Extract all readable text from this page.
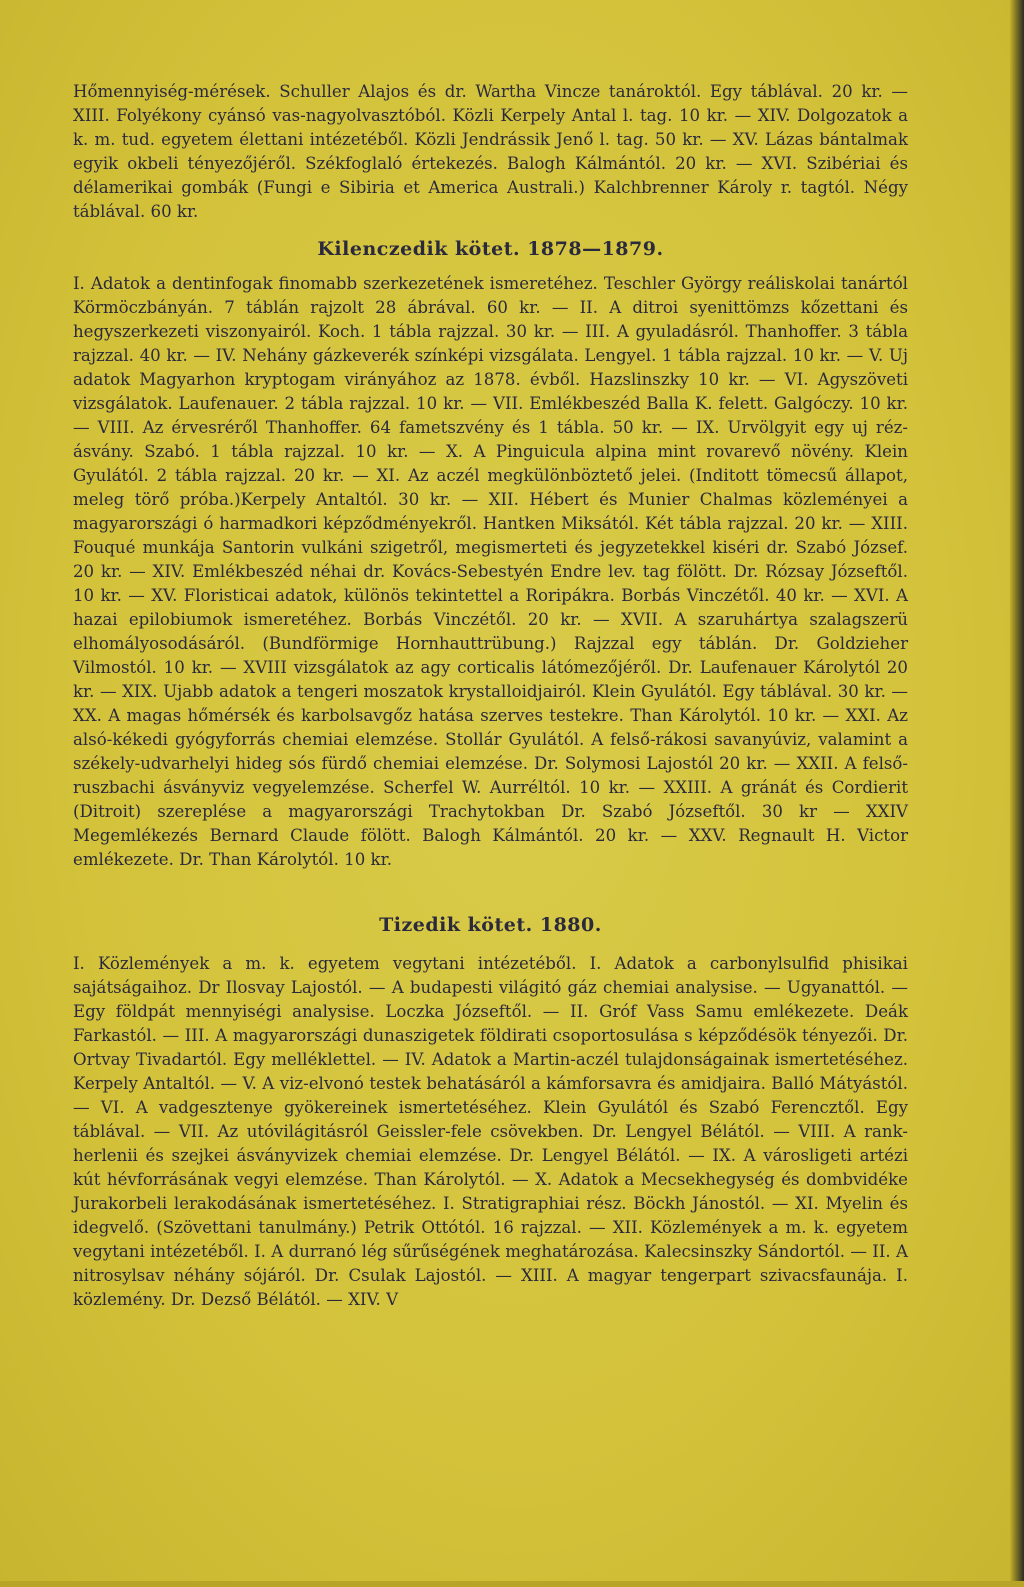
Hőmennyiség-mérések. Schuller Alajos és dr. Wartha Vincze tanároktól. Egy táblával. 20 kr. — XIII. Folyékony cyánsó vas-nagyolvasztóból. Közli Kerpely Antal l. tag. 10 kr. — XIV. Dolgozatok a k. m. tud. egyetem élettani intézetéből. Közli Jendrássik Jenő l. tag. 50 kr. — XV. Lázas bántalmak egyik okbeli tényezőjéről. Székfoglaló értekezés. Balogh Kálmántól. 20 kr. — XVI. Szibériai és délamerikai gombák (Fungi e Sibiria et America Australi.) Kalchbrenner Károly r. tagtól. Négy táblával. 60 kr.

Kilenczedik kötet. 1878—1879.

I. Adatok a dentinfogak finomabb szerkezetének ismeretéhez. Teschler György reáliskolai tanártól Körmöczbányán. 7 táblán rajzolt 28 ábrával. 60 kr. — II. A ditroi syenittömzs kőzettani és hegyszerkezeti viszonyairól. Koch. 1 tábla rajzzal. 30 kr. — III. A gyuladásról. Thanhoffer. 3 tábla rajzzal. 40 kr. — IV. Nehány gázkeverék színképi vizsgálata. Lengyel. 1 tábla rajzzal. 10 kr. — V. Uj adatok Magyarhon kryptogam virányához az 1878. évből. Hazslinszky 10 kr. — VI. Agyszöveti vizsgálatok. Laufenauer. 2 tábla rajzzal. 10 kr. — VII. Emlékbeszéd Balla K. felett. Galgóczy. 10 kr. — VIII. Az érvesréről Thanhoffer. 64 fametszvény és 1 tábla. 50 kr. — IX. Urvölgyit egy uj réz-ásvány. Szabó. 1 tábla rajzzal. 10 kr. — X. A Pinguicula alpina mint rovarevő növény. Klein Gyulától. 2 tábla rajzzal. 20 kr. — XI. Az aczél megkülönböztető jelei. (Inditott tömecsű állapot, meleg törő próba.)Kerpely Antaltól. 30 kr. — XII. Hébert és Munier Chalmas közleményei a magyarországi ó harmadkori képződményekről. Hantken Miksától. Két tábla rajzzal. 20 kr. — XIII. Fouqué munkája Santorin vulkáni szigetről, megismerteti és jegyzetekkel kiséri dr. Szabó József. 20 kr. — XIV. Emlékbeszéd néhai dr. Kovács-Sebestyén Endre lev. tag fölött. Dr. Rózsay Józseftől. 10 kr. — XV. Floristicai adatok, különös tekintettel a Roripákra. Borbás Vinczétől. 40 kr. — XVI. A hazai epilobiumok ismeretéhez. Borbás Vinczétől. 20 kr. — XVII. A szaruhártya szalagszerü elhomályosodásáról. (Bundförmige Hornhauttrübung.) Rajzzal egy táblán. Dr. Goldzieher Vilmostól. 10 kr. — XVIII vizsgálatok az agy corticalis látómezőjéről. Dr. Laufenauer Károlytól 20 kr. — XIX. Ujabb adatok a tengeri moszatok krystalloidjairól. Klein Gyulától. Egy táblával. 30 kr. — XX. A magas hőmérsék és karbolsavgőz hatása szerves testekre. Than Károlytól. 10 kr. — XXI. Az alsó-kékedi gyógyforrás chemiai elemzése. Stollár Gyulától. A felső-rákosi savanyúviz, valamint a székely-udvarhelyi hideg sós fürdő chemiai elemzése. Dr. Solymosi Lajostól 20 kr. — XXII. A felső-ruszbachi ásványviz vegyelemzése. Scherfel W. Aurréltól. 10 kr. — XXIII. A gránát és Cordierit (Ditroit) szereplése a magyarországi Trachytokban Dr. Szabó Józseftől. 30 kr — XXIV Megemlékezés Bernard Claude fölött. Balogh Kálmántól. 20 kr. — XXV. Regnault H. Victor emlékezete. Dr. Than Károlytól. 10 kr.

Tizedik kötet. 1880.

I. Közlemények a m. k. egyetem vegytani intézetéből. I. Adatok a carbonylsulfid phisikai sajátságaihoz. Dr Ilosvay Lajostól. — A budapesti világitó gáz chemiai analysise. — Ugyanattól. — Egy földpát mennyiségi analysise. Loczka Józseftől. — II. Gróf Vass Samu emlékezete. Deák Farkastól. — III. A magyarországi dunaszigetek földirati csoportosulása s képződésök tényezői. Dr. Ortvay Tivadartól. Egy melléklettel. — IV. Adatok a Martin-aczél tulajdonságainak ismertetéséhez. Kerpely Antaltól. — V. A viz-elvonó testek behatásáról a kámforsavra és amidjaira. Balló Mátyástól. — VI. A vadgesztenye gyökereinek ismertetéséhez. Klein Gyulától és Szabó Ferencztől. Egy táblával. — VII. Az utóvilágitásról Geissler-fele csövekben. Dr. Lengyel Bélától. — VIII. A rank-herlenii és szejkei ásványvizek chemiai elemzése. Dr. Lengyel Bélától. — IX. A városligeti artézi kút hévforrásának vegyi elemzése. Than Károlytól. — X. Adatok a Mecsekhegység és dombvidéke Jurakorbeli lerakodásának ismertetéséhez. I. Stratigraphiai rész. Böckh Jánostól. — XI. Myelin és idegvelő. (Szövettani tanulmány.) Petrik Ottótól. 16 rajzzal. — XII. Közlemények a m. k. egyetem vegytani intézetéből. I. A durranó lég sűrűségének meghatározása. Kalecsinszky Sándortól. — II. A nitrosylsav néhány sójáról. Dr. Csulak Lajostól. — XIII. A magyar tengerpart szivacsfaunája. I. közlemény. Dr. Dezső Bélától. — XIV. V
